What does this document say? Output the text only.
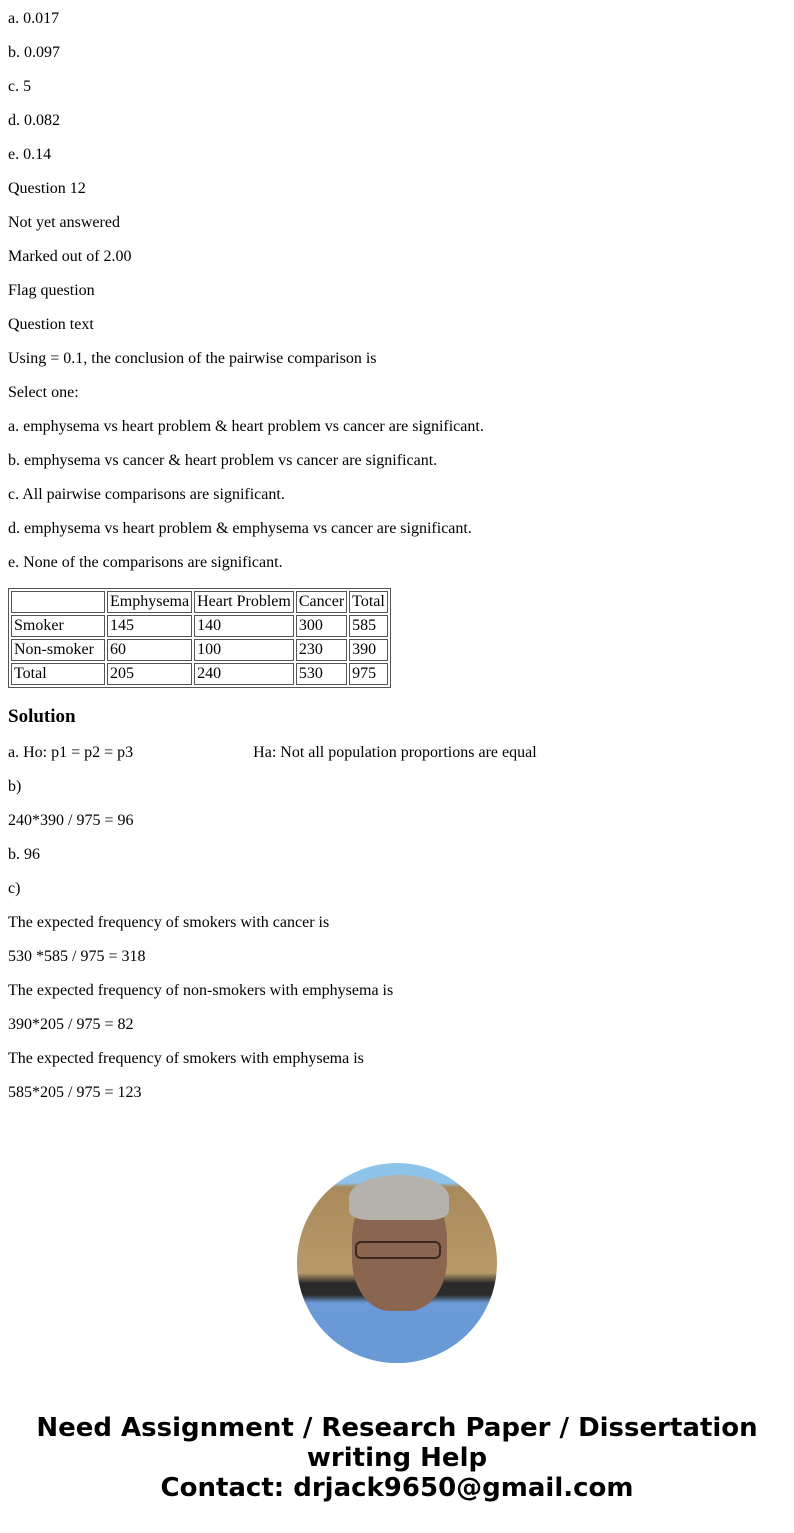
a. 0.017

b. 0.097

c. 5

d. 0.082

e. 0.14

Question 12

Not yet answered

Marked out of 2.00

Flag question

Question text

Using = 0.1, the conclusion of the pairwise comparison is

Select one:

a. emphysema vs heart problem & heart problem vs cancer are significant.

b. emphysema vs cancer & heart problem vs cancer are significant.

c. All pairwise comparisons are significant.

d. emphysema vs heart problem & emphysema vs cancer are significant.

e. None of the comparisons are significant.

	Emphysema	Heart Problem	Cancer	Total
Smoker	145	140	300	585
Non-smoker	60	100	230	390
Total	205	240	530	975
Solution

a. Ho: p1 = p2 = p3	Ha: Not all population proportions are equal

b)

240*390 / 975 = 96

b. 96

c)

The expected frequency of smokers with cancer is

530 *585 / 975 = 318

The expected frequency of non-smokers with emphysema is

390*205 / 975 = 82

The expected frequency of smokers with emphysema is

585*205 / 975 = 123

Need Assignment / Research Paper / Dissertation
writing Help
Contact: drjack9650@gmail.com
